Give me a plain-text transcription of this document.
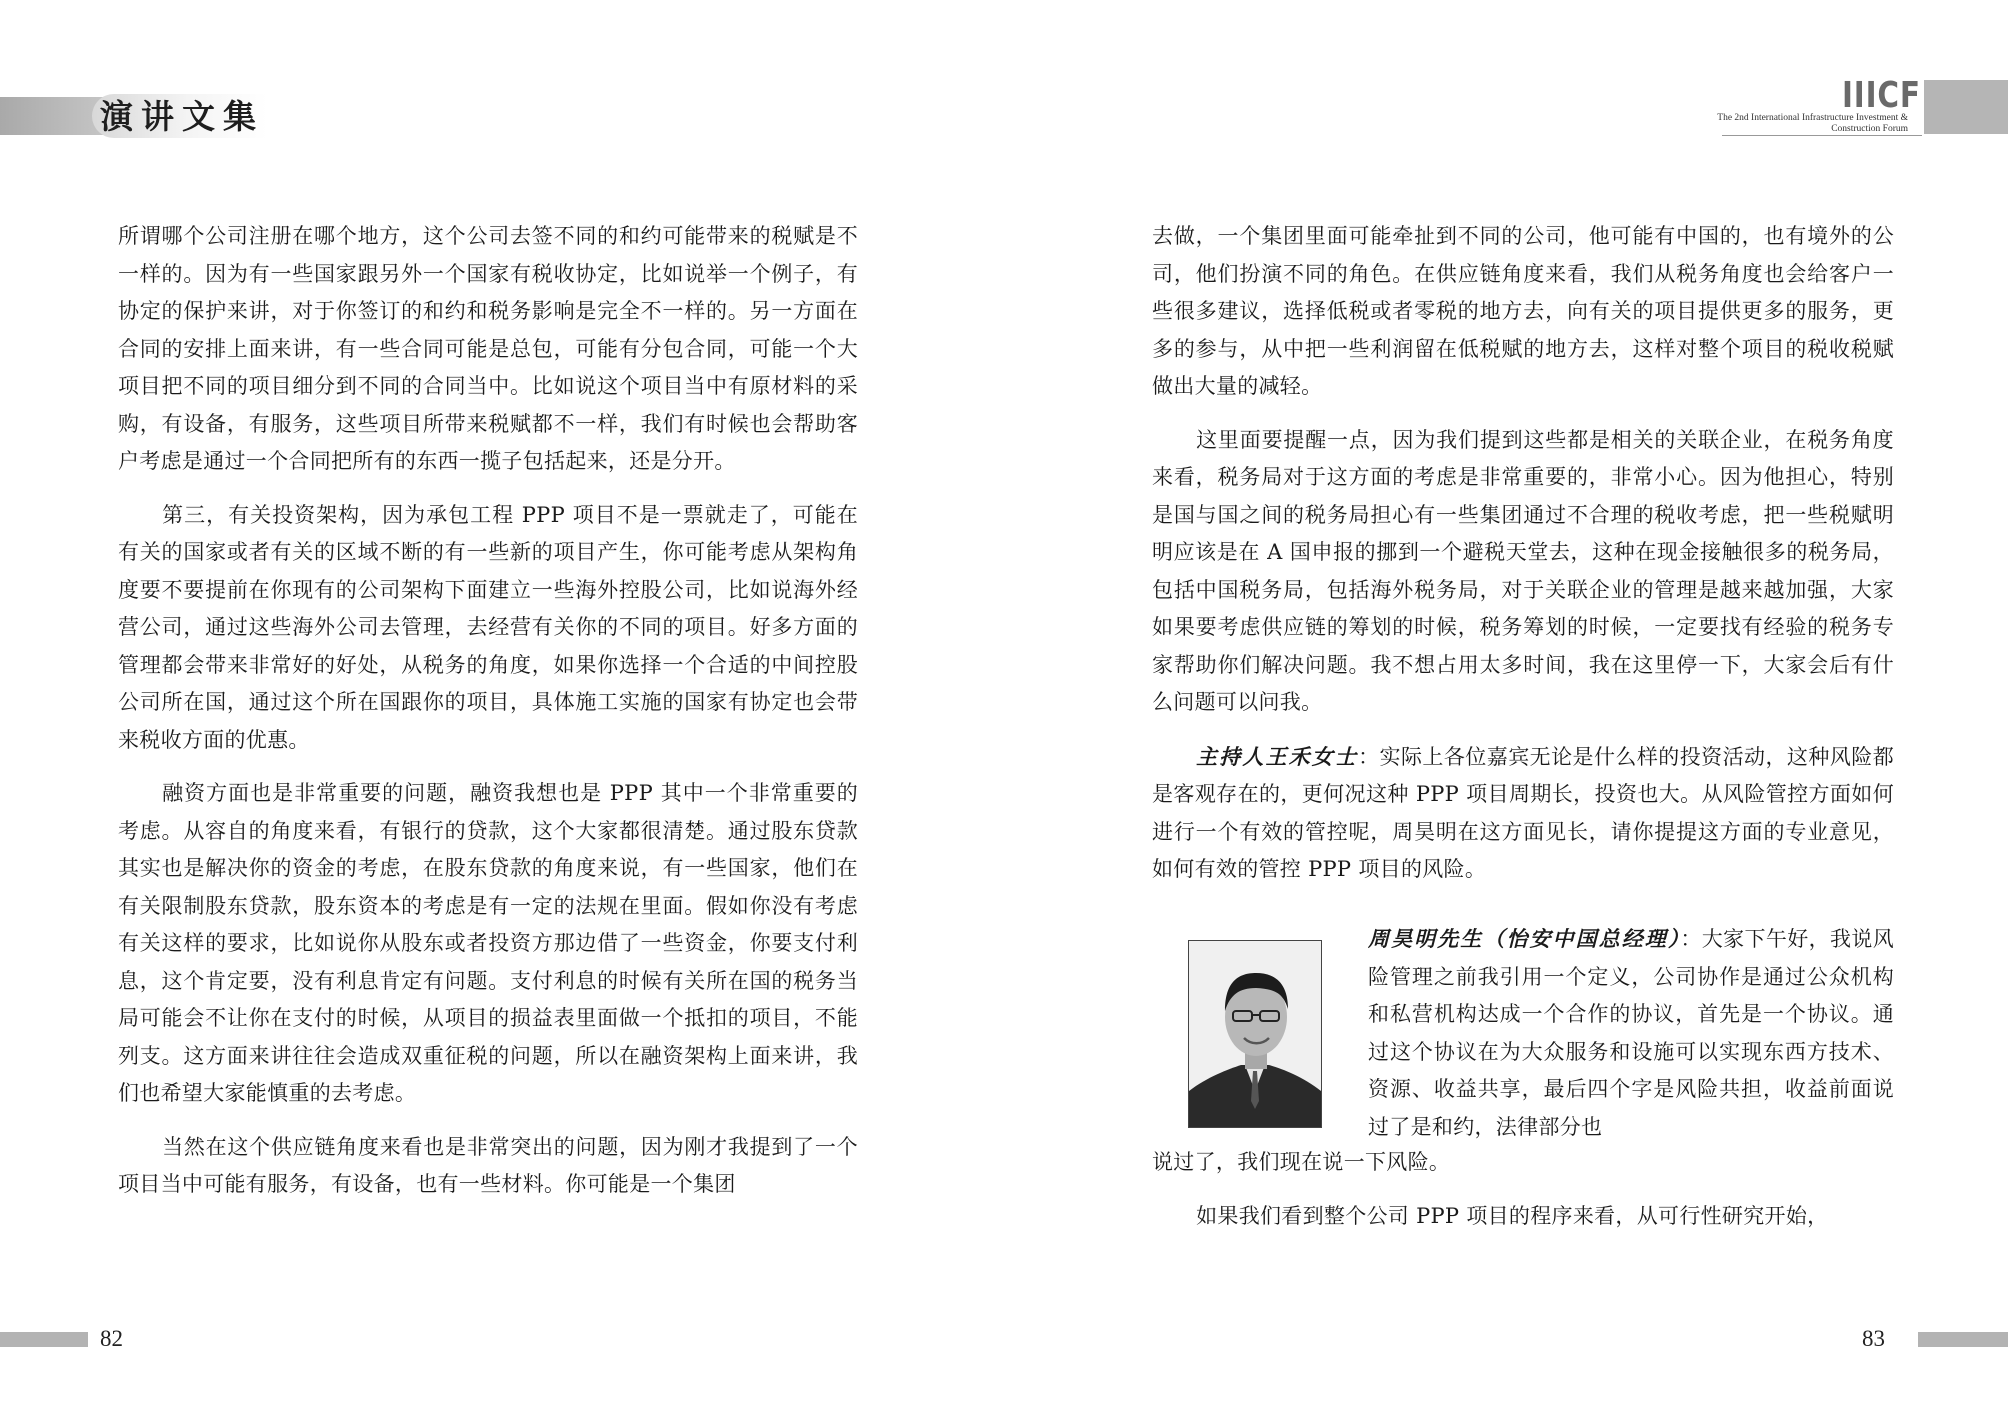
演讲文集
IIICF
The 2nd International Infrastructure Investment &
Construction Forum

所谓哪个公司注册在哪个地方，这个公司去签不同的和约可能带来的税赋是不一样的。因为有一些国家跟另外一个国家有税收协定，比如说举一个例子，有协定的保护来讲，对于你签订的和约和税务影响是完全不一样的。另一方面在合同的安排上面来讲，有一些合同可能是总包，可能有分包合同，可能一个大项目把不同的项目细分到不同的合同当中。比如说这个项目当中有原材料的采购，有设备，有服务，这些项目所带来税赋都不一样，我们有时候也会帮助客户考虑是通过一个合同把所有的东西一揽子包括起来，还是分开。

第三，有关投资架构，因为承包工程 PPP 项目不是一票就走了，可能在有关的国家或者有关的区域不断的有一些新的项目产生，你可能考虑从架构角度要不要提前在你现有的公司架构下面建立一些海外控股公司，比如说海外经营公司，通过这些海外公司去管理，去经营有关你的不同的项目。好多方面的管理都会带来非常好的好处，从税务的角度，如果你选择一个合适的中间控股公司所在国，通过这个所在国跟你的项目，具体施工实施的国家有协定也会带来税收方面的优惠。

融资方面也是非常重要的问题，融资我想也是 PPP 其中一个非常重要的考虑。从容自的角度来看，有银行的贷款，这个大家都很清楚。通过股东贷款其实也是解决你的资金的考虑，在股东贷款的角度来说，有一些国家，他们在有关限制股东贷款，股东资本的考虑是有一定的法规在里面。假如你没有考虑有关这样的要求，比如说你从股东或者投资方那边借了一些资金，你要支付利息，这个肯定要，没有利息肯定有问题。支付利息的时候有关所在国的税务当局可能会不让你在支付的时候，从项目的损益表里面做一个抵扣的项目，不能列支。这方面来讲往往会造成双重征税的问题，所以在融资架构上面来讲，我们也希望大家能慎重的去考虑。

当然在这个供应链角度来看也是非常突出的问题，因为刚才我提到了一个项目当中可能有服务，有设备，也有一些材料。你可能是一个集团

去做，一个集团里面可能牵扯到不同的公司，他可能有中国的，也有境外的公司，他们扮演不同的角色。在供应链角度来看，我们从税务角度也会给客户一些很多建议，选择低税或者零税的地方去，向有关的项目提供更多的服务，更多的参与，从中把一些利润留在低税赋的地方去，这样对整个项目的税收税赋做出大量的减轻。

这里面要提醒一点，因为我们提到这些都是相关的关联企业，在税务角度来看，税务局对于这方面的考虑是非常重要的，非常小心。因为他担心，特别是国与国之间的税务局担心有一些集团通过不合理的税收考虑，把一些税赋明明应该是在 A 国申报的挪到一个避税天堂去，这种在现金接触很多的税务局，包括中国税务局，包括海外税务局，对于关联企业的管理是越来越加强，大家如果要考虑供应链的筹划的时候，税务筹划的时候，一定要找有经验的税务专家帮助你们解决问题。我不想占用太多时间，我在这里停一下，大家会后有什么问题可以问我。

主持人王禾女士：实际上各位嘉宾无论是什么样的投资活动，这种风险都是客观存在的，更何况这种 PPP 项目周期长，投资也大。从风险管控方面如何进行一个有效的管控呢，周昊明在这方面见长，请你提提这方面的专业意见，如何有效的管控 PPP 项目的风险。

周昊明先生（怡安中国总经理）：大家下午好，我说风险管理之前我引用一个定义，公司协作是通过公众机构和私营机构达成一个合作的协议，首先是一个协议。通过这个协议在为大众服务和设施可以实现东西方技术、资源、收益共享，最后四个字是风险共担，收益前面说过了是和约，法律部分也

说过了，我们现在说一下风险。

如果我们看到整个公司 PPP 项目的程序来看，从可行性研究开始，

82	83
